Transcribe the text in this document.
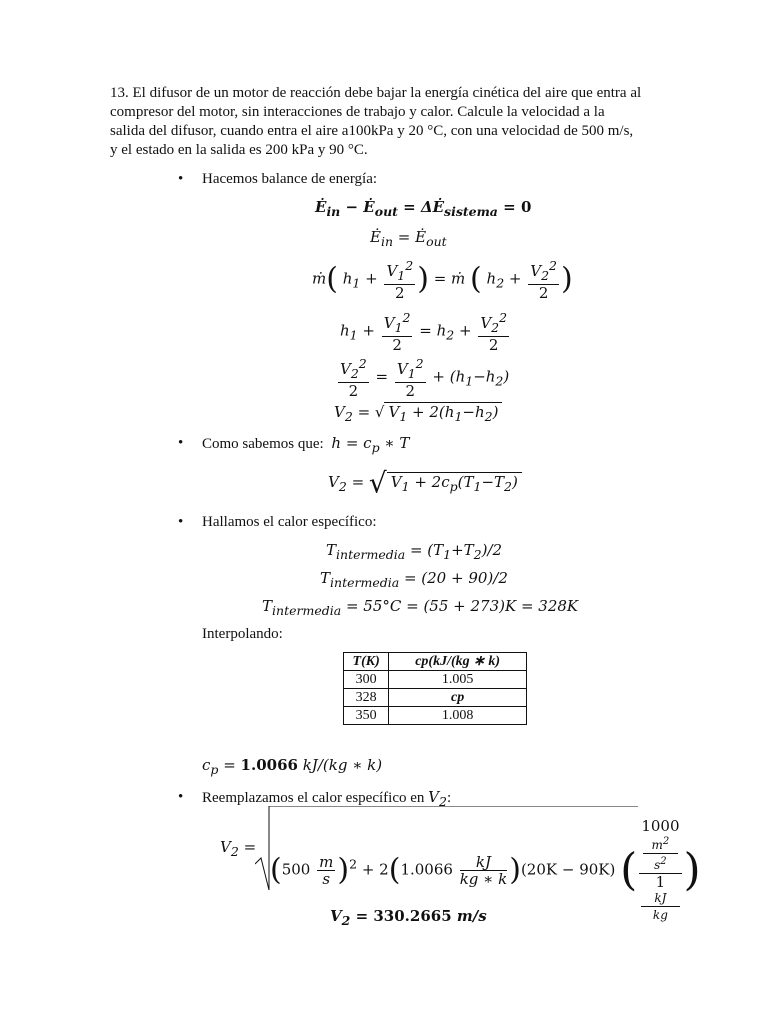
13. El difusor de un motor de reacción debe bajar la energía cinética del aire que entra al
compresor del motor, sin interacciones de trabajo y calor. Calcule la velocidad a la
salida del difusor, cuando entra el aire a100kPa y 20 °C, con una velocidad de 500 m/s,
y el estado en la salida es 200 kPa y 90 °C.
• Hacemos balance de energía:
$Ė_{in}$ − $Ė_{out}$ = $\Delta Ė_{sistema} = 0$
$Ė_{in}$ = $Ė_{out}$
ṁ( $h_1 + \frac{V_1^2}{2}$ ) = ṁ ( $h_2 + \frac{V_2^2}{2}$ )
$h_1 + \frac{V_1^2}{2} = h_2 + \frac{V_2^2}{2}$
$\frac{V_2^2}{2} = \frac{V_1^2}{2} + (h_1-h_2)$
$V_2$ = √ $V_1 + 2(h_1-h_2)$
• Como sabemos que: $h = c_p$ ∗ T
$V_2$ = √ $V_1 + 2c_p(T_1-T_2)$
• Hallamos el calor específico:
$T_{intermedia} = (T_1+T_2)/2$
$T_{intermedia} = (20 + 90)/2$
$T_{intermedia} = 55^\circ C = (55 + 273)K = 328K$
Interpolando:
T(K)	cp(kJ/(kg ∗ k)
300	1.005
328	cp
350	1.008
$c_p = 1.0066$ kJ/(kg ∗ k)
• Reemplazamos el calor específico en $V_2$:
$V_2$ =
$(500 \frac{m}{s} )^2 + 2(1.0066 \frac{kJ}{kg ∗ k} )(20K - 90K)$ ( 1000
$m^2$
$s^2$
1
kJ
kg )
$V_2 = 330.2665$ m/s
